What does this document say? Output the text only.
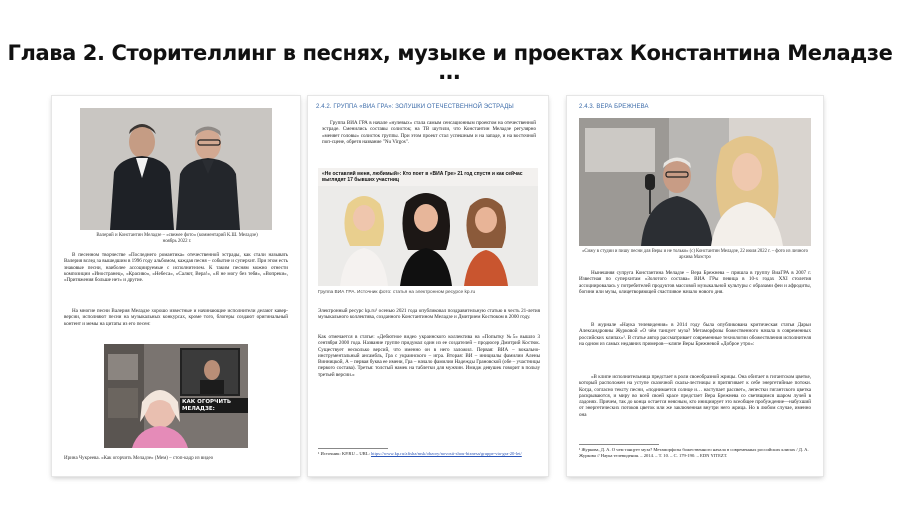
Глава 2. Сторителлинг в песнях, музыке и проектах Константина Меладзе
…
Валерий и Константин Меладзе – «свежее фото» (комментарий К.Ш. Меладзе) ноябрь 2022 г.
В песенном творчестве «Последнего романтика» отечественной эстрады, как стали называть Валерия вслед за вышедшим в 1996 году альбомом, каждая песня – событие и суперхит. При этом есть знаковые песни, наиболее ассоциируемые с исполнителем. К таким песням можно отнести композиции «Иностранец», «Красиво», «Небеса», «Салют, Вера!», «Я не могу без тебя», «Вопреки», «Притяжения больше нет» и другие.
На многие песни Валерия Меладзе хорошо известные и начинающие исполнители делают кавер-версии, исполняют песни на музыкальных конкурсах, кроме того, блогеры создают оригинальный контент и мемы на цитаты из его песен:
КАК ОГОРЧИТЬ МЕЛАДЗЕ:
Ирина Чукреева. «Как огорчить Меладзе» (Мем) – стоп-кадр из видео
2.4.2. ГРУППА «ВИА ГРА»: ЗОЛУШКИ ОТЕЧЕСТВЕННОЙ ЭСТРАДЫ
Группа ВИА ГРА в начале «нулевых» стала самым сенсационным проектом на отечественной эстраде. Сменились составы солисток; на ТВ шутили, что Константин Меладзе регулярно «меняет головы» солисток группы. При этом проект стал успешным и на западе, и на восточной поп-сцене, обретя название "Nu Virgos".
«Не оставляй меня, любимый»: Кто поет в «ВИА Гре» 21 год спустя и как сейчас выглядят 17 бывших участниц
Группа ВИА ГРА. Источник фото: статья на электронном ресурсе kp.ru
Электронный ресурс kp.ru¹ осенью 2021 года опубликовал поздравительную статью в честь 21-летия музыкального коллектива, созданного Константином Меладзе и Дмитрием Костюком в 2000 году.
Как отмечается в статье: «Дебютное видео украинского коллектива на «Попытку №5» вышло 3 сентября 2000 года. Название группе придумал один из ее создателей – продюсер Дмитрий Костюк. Существует несколько версий, что именно он в него заложил. Первая: ВИА – вокально-инструментальный ансамбль, Гра с украинского – игра. Вторая: ВИ – инициалы фамилии Алены Винницкой, А – первая буква ее имени, Гра – начало фамилии Надежды Грановской (обе – участницы первого состава). Третья: толстый намек на таблетки для мужчин. Имидж девушек говорит в пользу третьей версии.»
¹ Источник: KP.RU – URL: https://www.kp.ru/afisha/msk/obzory/novosti-shou-biznesa/gruppe-via-gra-20-let/
2.4.3. ВЕРА БРЕЖНЕВА
«Сижу в студии и пишу песни для Веры и не только» (с) Константин Меладзе, 22 июля 2022 г. – фото из личного архива Маэстро
Нынешняя супруга Константина Меладзе – Вера Брежнева – пришла в группу ВиаГРА в 2007 г. Известная по суперхитам «Золотого состава» ВИА ГРы певица в 10-х годах XXI столетия ассоциировалась у потребителей продуктов массовой музыкальной культуры с образами феи и афродиты, богини или музы, олицетворяющей счастливое начало нового дня.
В журнале «Наука телевидения» в 2014 году была опубликована критическая статья Дарьи Александровны Журковой «О чём танцует муза? Метаморфозы божественного начала в современных российских клипах»¹. В статье автор рассматривает современные технологии обожествления исполнителя на одном из самых недавних примеров—клипе Веры Брежневой «Доброе утро»:
«В клипе исполнительница предстает в роли своеобразной жрицы. Она обитает в гигантском цветке, который расположен на уступе сказочной скалы-лестницы и притягивает к себе энергетийные потоки. Когда, согласно тексту песни, «поднимается солнце и… наступает рассвет», лепестки гигантского цветка раскрываются, и миру во всей своей красе предстает Вера Брежнева со светящимся шаром лучей в ладонях. Причем, так до конца остается неясным, кто инициирует это всеобщее пробуждение—набухший от энергетических потоков цветок или же заключенная внутри него жрица. Но в любом случае, именно она
¹ Журкова, Д. А. О чем танцует муза? Метаморфозы божественного начала в современных российских клипах / Д. А. Журкова // Наука телевидения. – 2014. – Т. 10. – С. 179-190. – EDN YITEZT.
